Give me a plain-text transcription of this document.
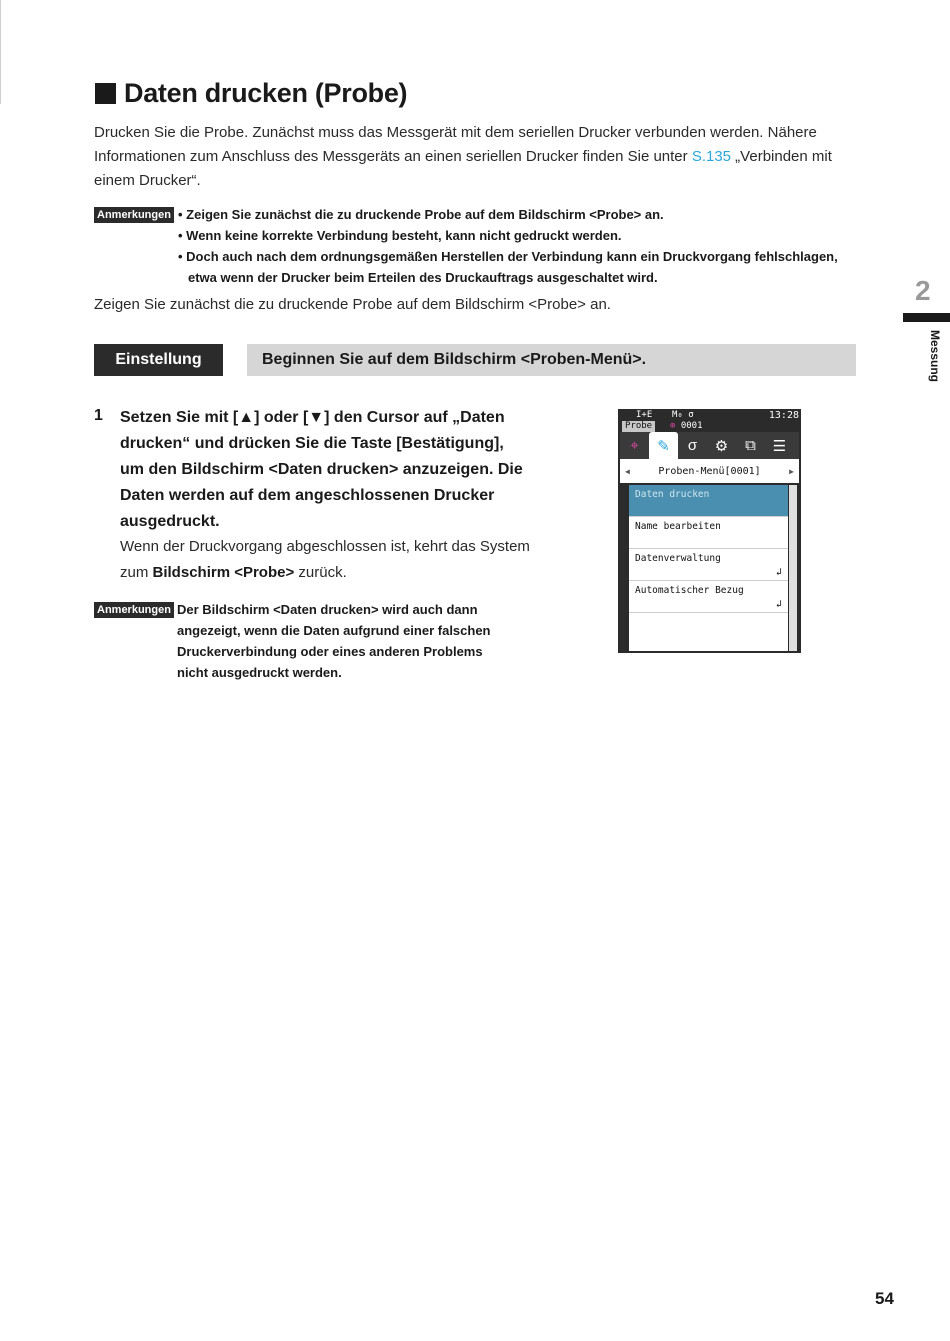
Daten drucken (Probe)
Drucken Sie die Probe. Zunächst muss das Messgerät mit dem seriellen Drucker verbunden werden. Nähere Informationen zum Anschluss des Messgeräts an einen seriellen Drucker finden Sie unter S.135 „Verbinden mit einem Drucker“.
Anmerkungen • Zeigen Sie zunächst die zu druckende Probe auf dem Bildschirm <Probe> an.
• Wenn keine korrekte Verbindung besteht, kann nicht gedruckt werden.
• Doch auch nach dem ordnungsgemäßen Herstellen der Verbindung kann ein Druckvorgang fehlschlagen, etwa wenn der Drucker beim Erteilen des Druckauftrags ausgeschaltet wird.
Zeigen Sie zunächst die zu druckende Probe auf dem Bildschirm <Probe> an.
Einstellung	Beginnen Sie auf dem Bildschirm <Proben-Menü>.
1 Setzen Sie mit [▲] oder [▼] den Cursor auf „Daten drucken“ und drücken Sie die Taste [Bestätigung], um den Bildschirm <Daten drucken> anzuzeigen. Die Daten werden auf dem angeschlossenen Drucker ausgedruckt.
Wenn der Druckvorgang abgeschlossen ist, kehrt das System zum Bildschirm <Probe> zurück.
Anmerkungen Der Bildschirm <Daten drucken> wird auch dann angezeigt, wenn die Daten aufgrund einer falschen Druckerverbindung oder eines anderen Problems nicht ausgedruckt werden.
I+E M₀ σ	13:28
Probe	⊕ 0001
⌖	✎	σ	⚙	⧉	☰
◀	Proben-Menü[0001]	▶
Daten drucken
Name bearbeiten
Datenverwaltung
↲
Automatischer Bezug
↲
2
Messung
54
